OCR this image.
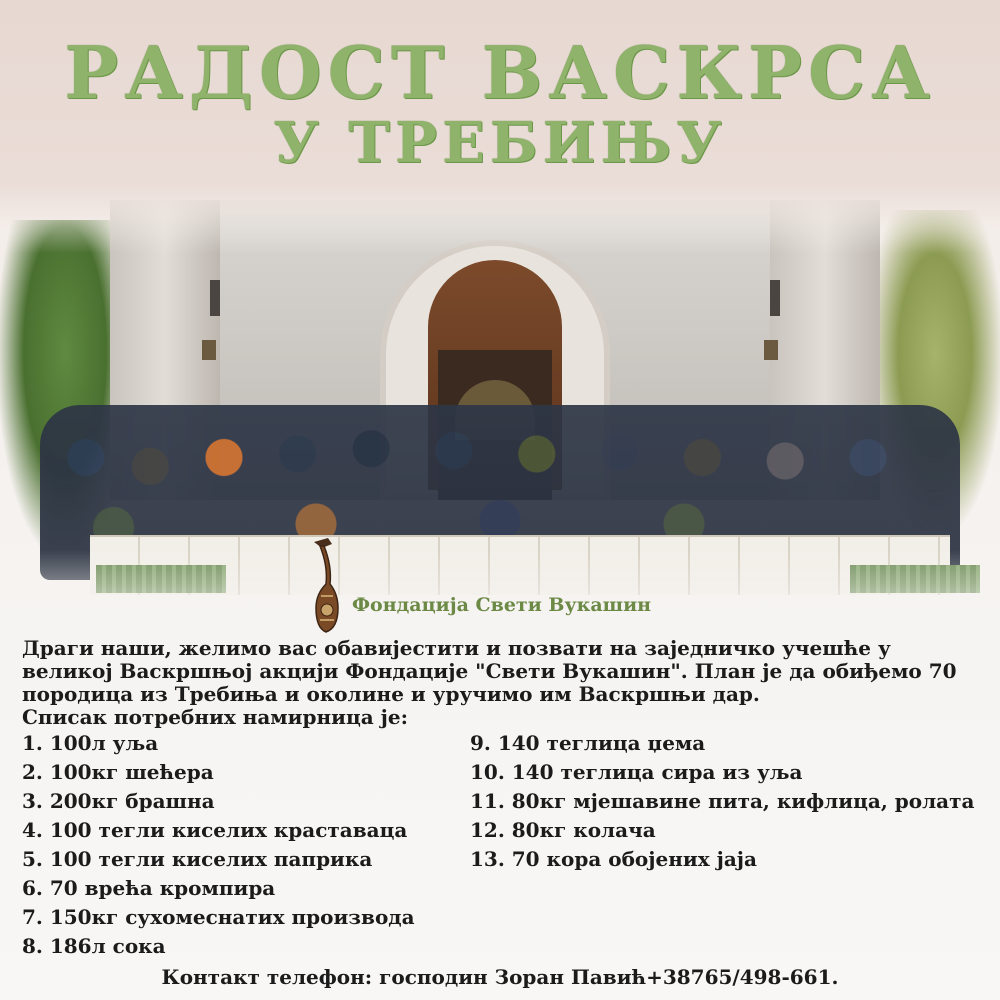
РАДОСТ ВАСКРСА
У ТРЕБИЊУ
Фондација Свети Вукашин

Драги наши, желимо вас обавијестити и позвати на заједничко учешће у великој Васкршњој акцији Фондације "Свети Вукашин". План је да обиђемо 70 породица из Требиња и околине и уручимо им Васкршњи дар.

Списак потребних намирница је:

1. 100л уља
2. 100кг шећера
3. 200кг брашна
4. 100 тегли киселих краставаца
5. 100 тегли киселих паприка
6. 70 врећа кромпира
7. 150кг сухомеснатих производа
8. 186л сока
9. 140 теглица џема
10. 140 теглица сира из уља
11. 80кг мјешавине пита, кифлица, ролата
12. 80кг колача
13. 70 кора обојених јаја
Контакт телефон: господин Зоран Павић+38765/498-661.
